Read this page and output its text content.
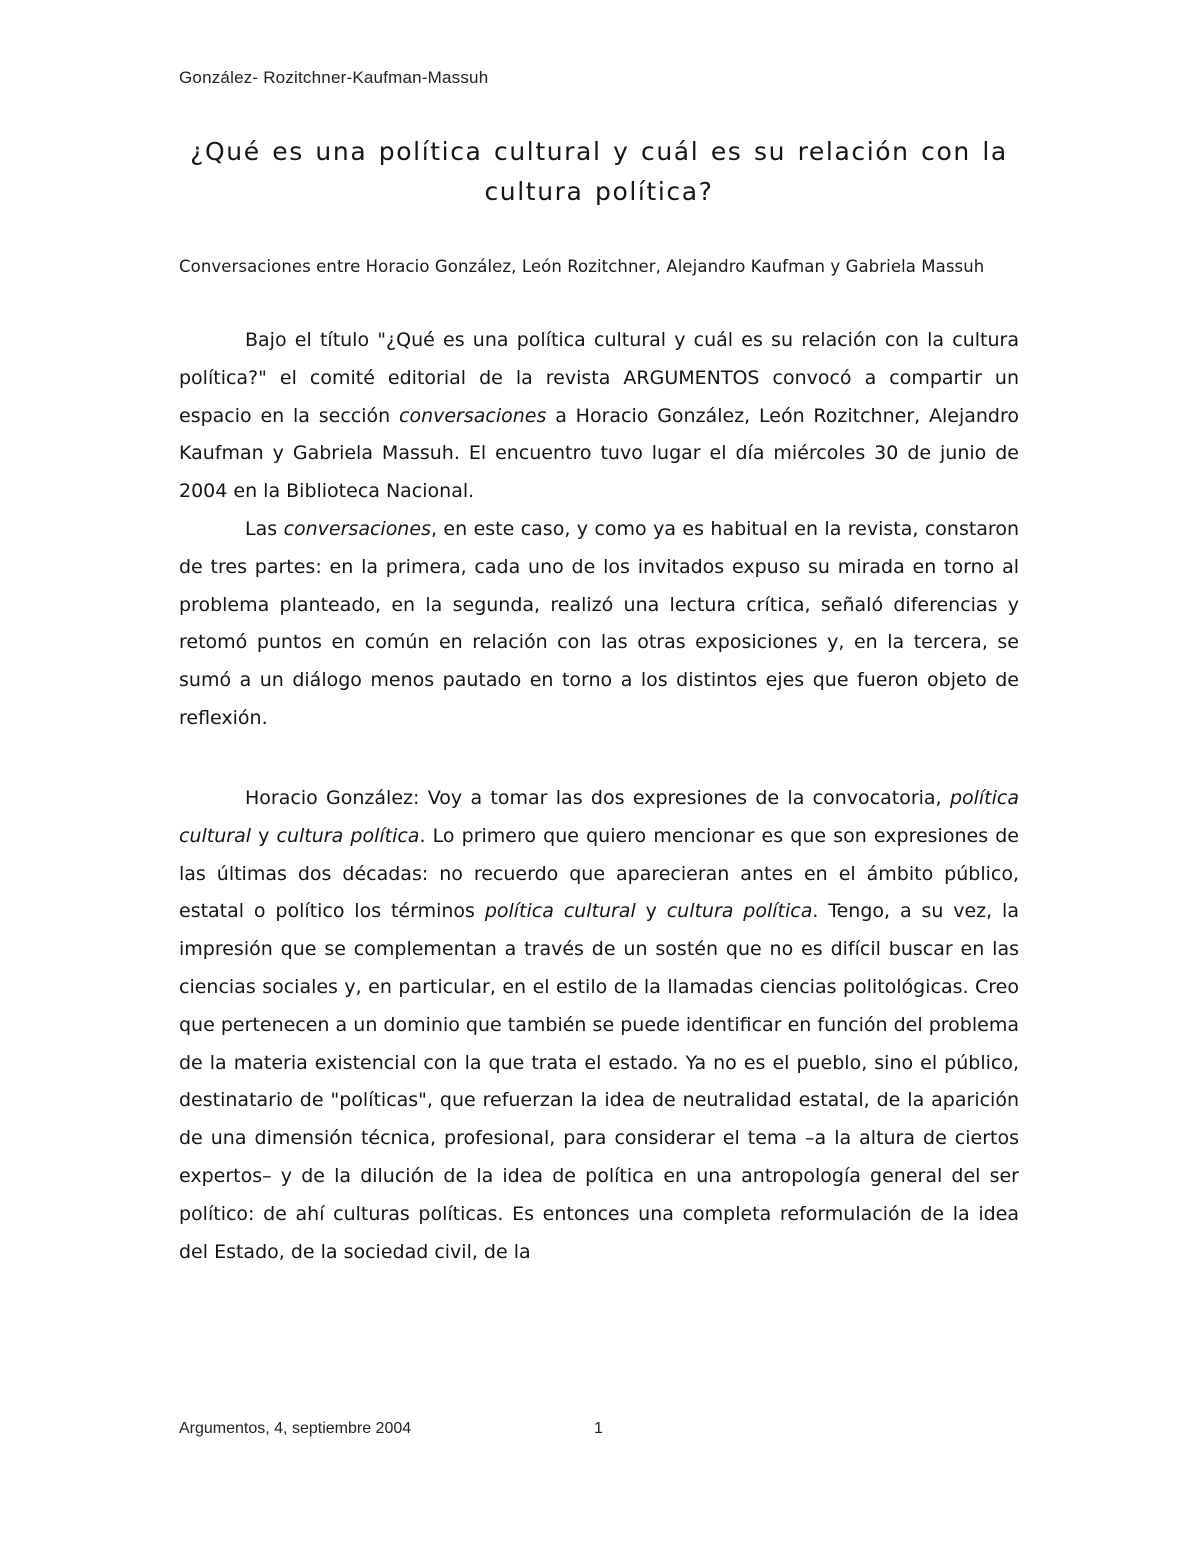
González- Rozitchner-Kaufman-Massuh
¿Qué es una política cultural y cuál es su relación con la cultura política?
Conversaciones entre Horacio González, León Rozitchner, Alejandro Kaufman y Gabriela Massuh

Bajo el título "¿Qué es una política cultural y cuál es su relación con la cultura política?" el comité editorial de la revista ARGUMENTOS convocó a compartir un espacio en la sección conversaciones a Horacio González, León Rozitchner, Alejandro Kaufman y Gabriela Massuh. El encuentro tuvo lugar el día miércoles 30 de junio de 2004 en la Biblioteca Nacional.

Las conversaciones, en este caso, y como ya es habitual en la revista, constaron de tres partes: en la primera, cada uno de los invitados expuso su mirada en torno al problema planteado, en la segunda, realizó una lectura crítica, señaló diferencias y retomó puntos en común en relación con las otras exposiciones y, en la tercera, se sumó a un diálogo menos pautado en torno a los distintos ejes que fueron objeto de reflexión.

Horacio González: Voy a tomar las dos expresiones de la convocatoria, política cultural y cultura política. Lo primero que quiero mencionar es que son expresiones de las últimas dos décadas: no recuerdo que aparecieran antes en el ámbito público, estatal o político los términos política cultural y cultura política. Tengo, a su vez, la impresión que se complementan a través de un sostén que no es difícil buscar en las ciencias sociales y, en particular, en el estilo de la llamadas ciencias politológicas. Creo que pertenecen a un dominio que también se puede identificar en función del problema de la materia existencial con la que trata el estado. Ya no es el pueblo, sino el público, destinatario de "políticas", que refuerzan la idea de neutralidad estatal, de la aparición de una dimensión técnica, profesional, para considerar el tema –a la altura de ciertos expertos– y de la dilución de la idea de política en una antropología general del ser político: de ahí culturas políticas. Es entonces una completa reformulación de la idea del Estado, de la sociedad civil, de la

Argumentos, 4, septiembre 2004	1
